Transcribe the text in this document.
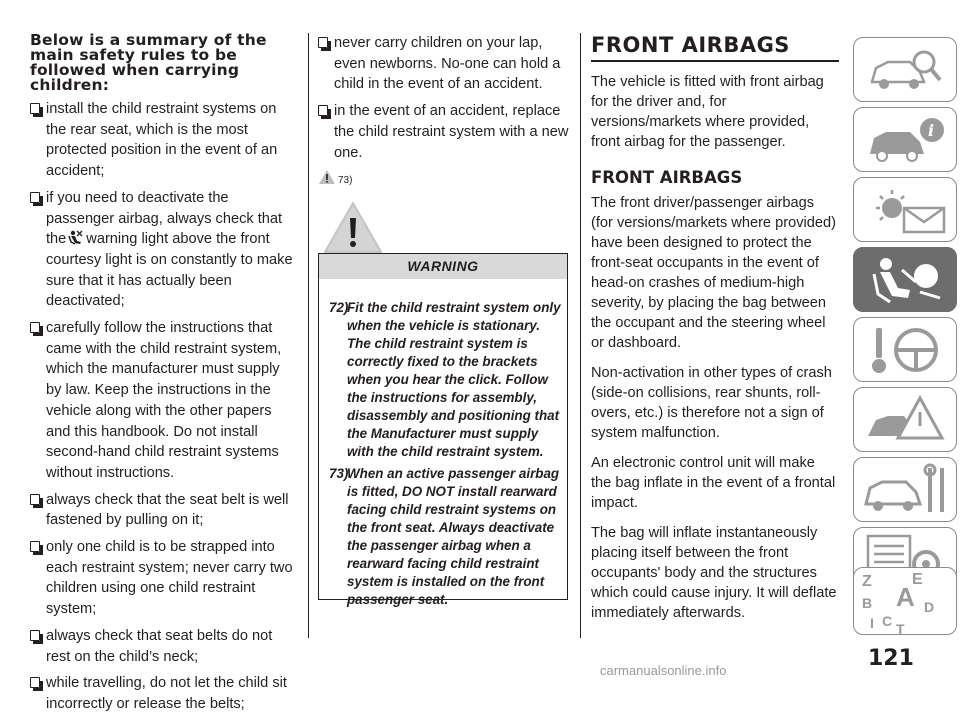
Below is a summary of the main safety rules to be followed when carrying children:
install the child restraint systems on the rear seat, which is the most protected position in the event of an accident;
if you need to deactivate the passenger airbag, always check that the warning light above the front courtesy light is on constantly to make sure that it has actually been deactivated;
carefully follow the instructions that came with the child restraint system, which the manufacturer must supply by law. Keep the instructions in the vehicle along with the other papers and this handbook. Do not install second-hand child restraint systems without instructions.
always check that the seat belt is well fastened by pulling on it;
only one child is to be strapped into each restraint system; never carry two children using one child restraint system;
always check that seat belts do not rest on the child’s neck;
while travelling, do not let the child sit incorrectly or release the belts;
never carry children on your lap, even newborns. No-one can hold a child in the event of an accident.
in the event of an accident, replace the child restraint system with a new one.
73)
WARNING
72)
Fit the child restraint system only when the vehicle is stationary. The child restraint system is correctly fixed to the brackets when you hear the click. Follow the instructions for assembly, disassembly and positioning that the Manufacturer must supply with the child restraint system.
73)
When an active passenger airbag is fitted, DO NOT install rearward facing child restraint systems on the front seat. Always deactivate the passenger airbag when a rearward facing child restraint system is installed on the front passenger seat.
FRONT AIRBAGS
The vehicle is fitted with front airbag for the driver and, for versions/markets where provided, front airbag for the passenger.
FRONT AIRBAGS
The front driver/passenger airbags (for versions/markets where provided) have been designed to protect the front-seat occupants in the event of head-on crashes of medium-high severity, by placing the bag between the occupant and the steering wheel or dashboard.
Non-activation in other types of crash (side-on collisions, rear shunts, roll-overs, etc.) is therefore not a sign of system malfunction.
An electronic control unit will make the bag inflate in the event of a frontal impact.
The bag will inflate instantaneously placing itself between the front occupants' body and the structures which could cause injury. It will deflate immediately afterwards.
i
Z	E
B A D
I C T
121
carmanualsonline.info
